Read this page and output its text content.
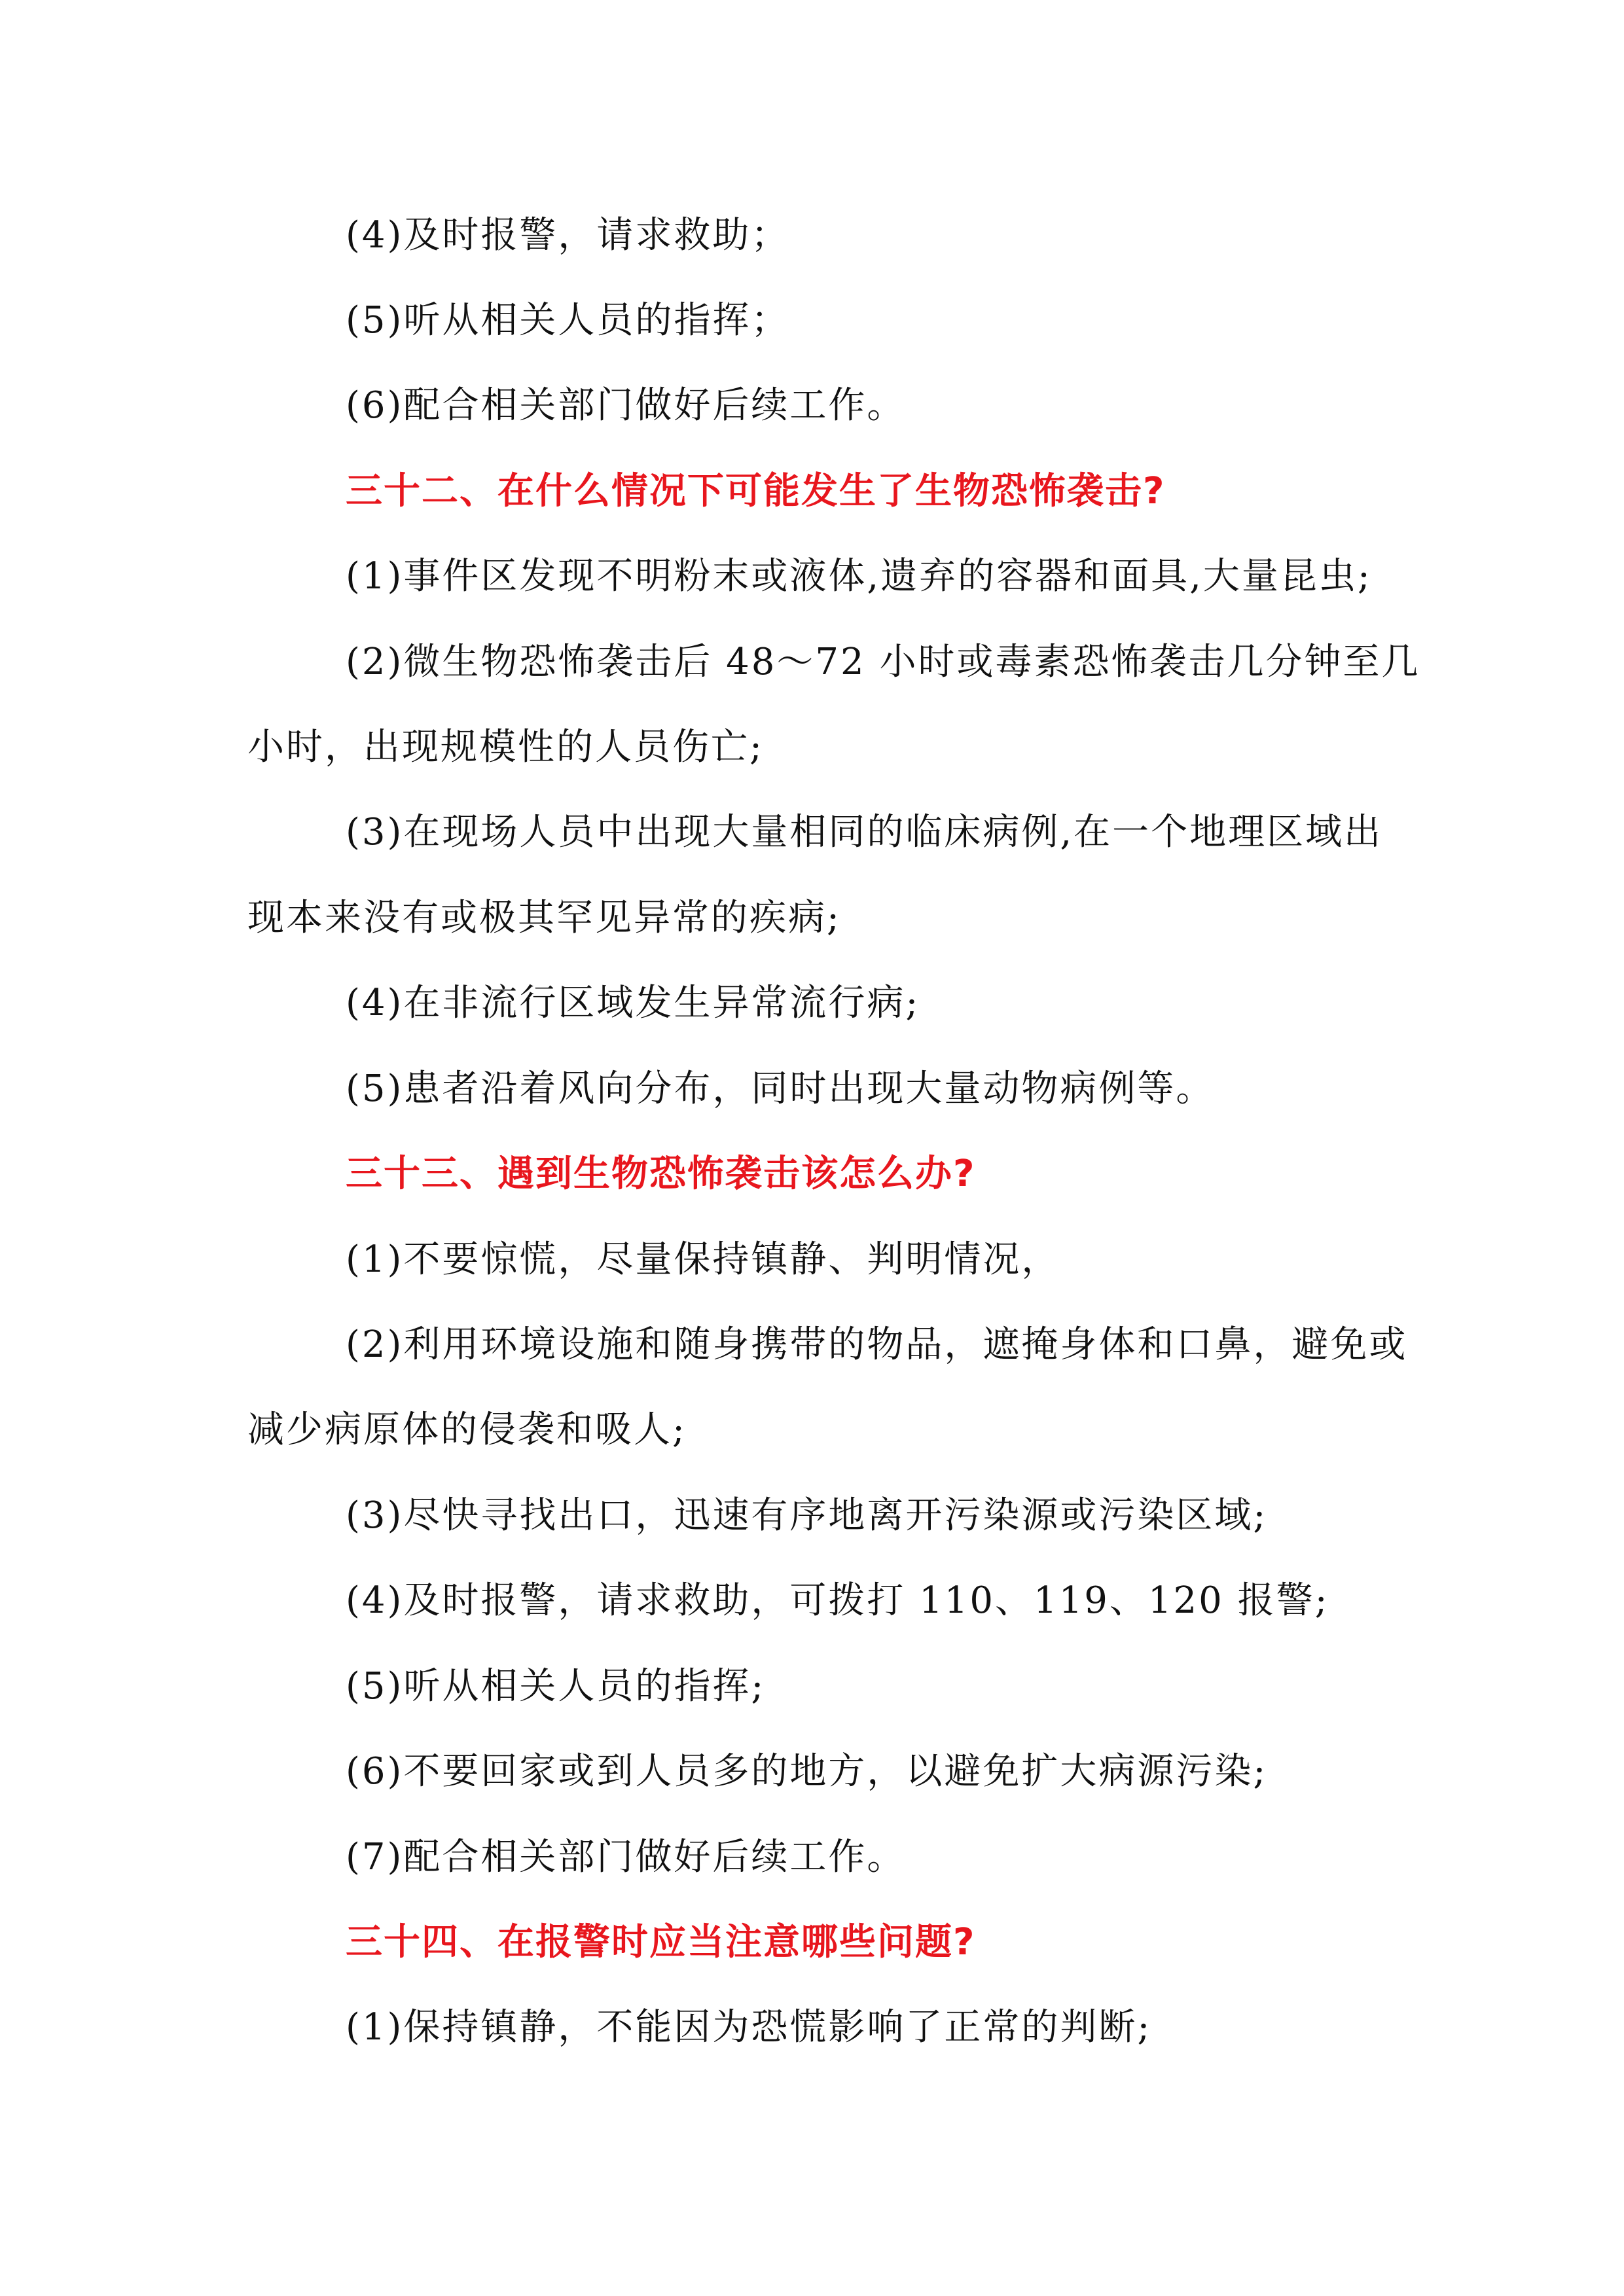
(4)及时报警，请求救助；
(5)听从相关人员的指挥；
(6)配合相关部门做好后续工作。
三十二、在什么情况下可能发生了生物恐怖袭击?
(1)事件区发现不明粉末或液体,遗弃的容器和面具,大量昆虫;
(2)微生物恐怖袭击后 48～72 小时或毒素恐怖袭击几分钟至几
小时，出现规模性的人员伤亡;
(3)在现场人员中出现大量相同的临床病例,在一个地理区域出
现本来没有或极其罕见异常的疾病;
(4)在非流行区域发生异常流行病;
(5)患者沿着风向分布，同时出现大量动物病例等。
三十三、遇到生物恐怖袭击该怎么办?
(1)不要惊慌，尽量保持镇静、判明情况，
(2)利用环境设施和随身携带的物品，遮掩身体和口鼻，避免或
减少病原体的侵袭和吸人;
(3)尽快寻找出口，迅速有序地离开污染源或污染区域;
(4)及时报警，请求救助，可拨打 110、119、120 报警;
(5)听从相关人员的指挥;
(6)不要回家或到人员多的地方，以避免扩大病源污染;
(7)配合相关部门做好后续工作。
三十四、在报警时应当注意哪些问题?
(1)保持镇静，不能因为恐慌影响了正常的判断;
